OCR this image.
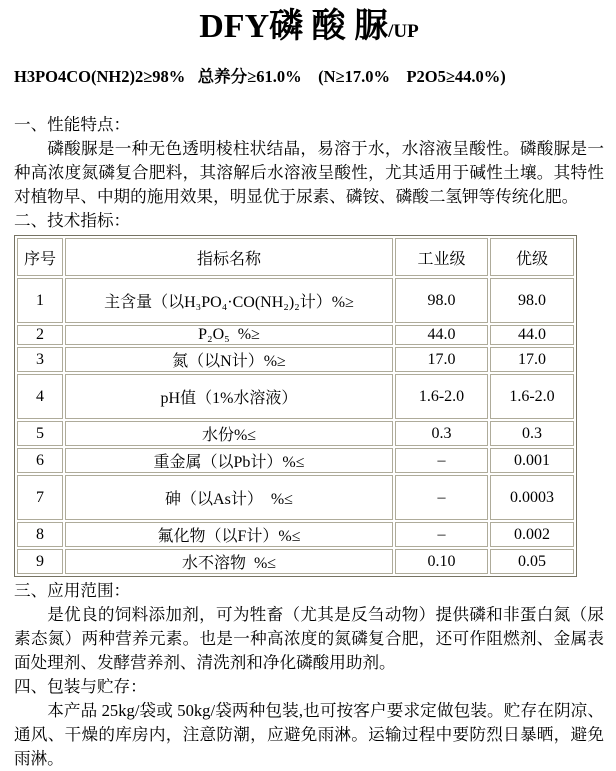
DFY磷 酸 脲/UP

H3PO4CO(NH2)2≥98%   总养分≥61.0%    (N≥17.0%    P2O5≥44.0%)

一、性能特点：

磷酸脲是一种无色透明棱柱状结晶，易溶于水，水溶液呈酸性。磷酸脲是一种高浓度氮磷复合肥料，其溶解后水溶液呈酸性，尤其适用于碱性土壤。其特性对植物早、中期的施用效果，明显优于尿素、磷铵、磷酸二氢钾等传统化肥。

二、技术指标：
序号	指标名称	工业级	优级
1	主含量（以H₃PO₄·CO(NH₂)₂计）%≥	98.0	98.0
2	P₂O₅  %≥	44.0	44.0
3	氮（以N计）%≥	17.0	17.0
4	pH值（1%水溶液）	1.6-2.0	1.6-2.0
5	水份%≤	0.3	0.3
6	重金属（以Pb计）%≤	–	0.001
7	砷（以As计）  %≤	–	0.0003
8	氟化物（以F计）%≤	–	0.002
9	水不溶物  %≤	0.10	0.05
三、应用范围：

是优良的饲料添加剂，可为牲畜（尤其是反刍动物）提供磷和非蛋白氮（尿素态氮）两种营养元素。也是一种高浓度的氮磷复合肥，还可作阻燃剂、金属表面处理剂、发酵营养剂、清洗剂和净化磷酸用助剂。

四、包装与贮存：

本产品 25kg/袋或 50kg/袋两种包装,也可按客户要求定做包装。贮存在阴凉、通风、干燥的库房内，注意防潮，应避免雨淋。运输过程中要防烈日暴晒，避免雨淋。
